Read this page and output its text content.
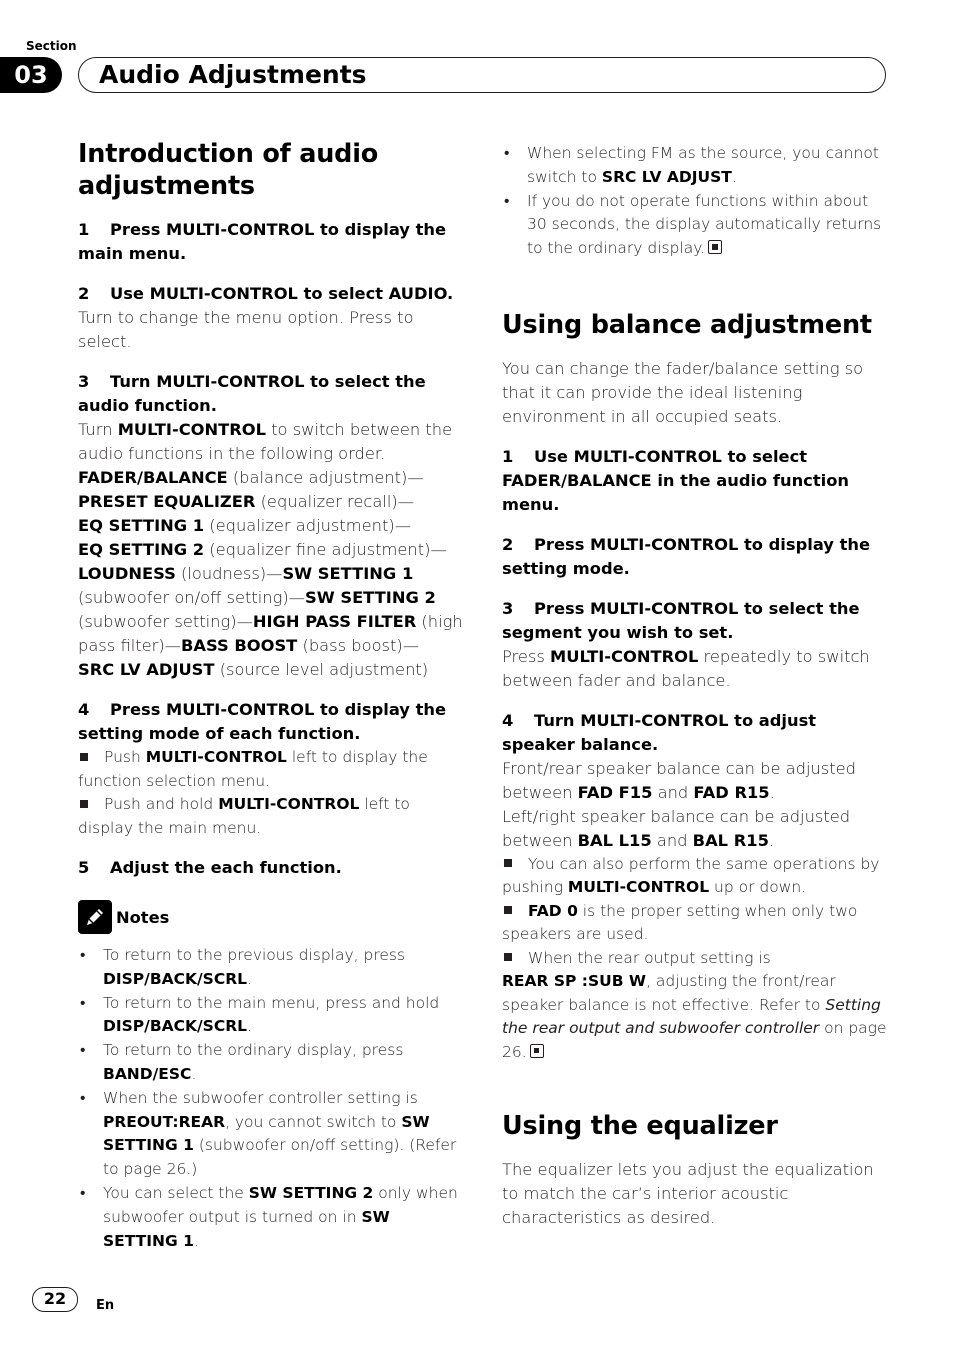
Section
03	Audio Adjustments
Introduction of audio adjustments
1 Press MULTI-CONTROL to display the main menu.
2 Use MULTI-CONTROL to select AUDIO.

Turn to change the menu option. Press to select.

3 Turn MULTI-CONTROL to select the audio function.

Turn MULTI-CONTROL to switch between the audio functions in the following order.
FADER/BALANCE (balance adjustment)—
PRESET EQUALIZER (equalizer recall)—
EQ SETTING 1 (equalizer adjustment)—
EQ SETTING 2 (equalizer fine adjustment)—
LOUDNESS (loudness)—SW SETTING 1 (subwoofer on/off setting)—SW SETTING 2 (subwoofer setting)—HIGH PASS FILTER (high pass filter)—BASS BOOST (bass boost)—
SRC LV ADJUST (source level adjustment)

4 Press MULTI-CONTROL to display the setting mode of each function.

Push MULTI-CONTROL left to display the function selection menu.

Push and hold MULTI-CONTROL left to display the main menu.

5 Adjust the each function.
Notes
• To return to the previous display, press DISP/BACK/SCRL.
• To return to the main menu, press and hold DISP/BACK/SCRL.
• To return to the ordinary display, press BAND/ESC.
• When the subwoofer controller setting is PREOUT:REAR, you cannot switch to SW SETTING 1 (subwoofer on/off setting). (Refer to page 26.)
• You can select the SW SETTING 2 only when subwoofer output is turned on in SW SETTING 1.
• When selecting FM as the source, you cannot switch to SRC LV ADJUST.
• If you do not operate functions within about 30 seconds, the display automatically returns to the ordinary display.
Using balance adjustment

You can change the fader/balance setting so that it can provide the ideal listening environment in all occupied seats.

1 Use MULTI-CONTROL to select FADER/BALANCE in the audio function menu.
2 Press MULTI-CONTROL to display the setting mode.
3 Press MULTI-CONTROL to select the segment you wish to set.

Press MULTI-CONTROL repeatedly to switch between fader and balance.

4 Turn MULTI-CONTROL to adjust speaker balance.

Front/rear speaker balance can be adjusted between FAD F15 and FAD R15.

Left/right speaker balance can be adjusted between BAL L15 and BAL R15.

You can also perform the same operations by pushing MULTI-CONTROL up or down.

FAD 0 is the proper setting when only two speakers are used.

When the rear output setting is
REAR SP :SUB W, adjusting the front/rear speaker balance is not effective. Refer to Setting the rear output and subwoofer controller on page 26.

Using the equalizer

The equalizer lets you adjust the equalization to match the car’s interior acoustic characteristics as desired.

22	En
